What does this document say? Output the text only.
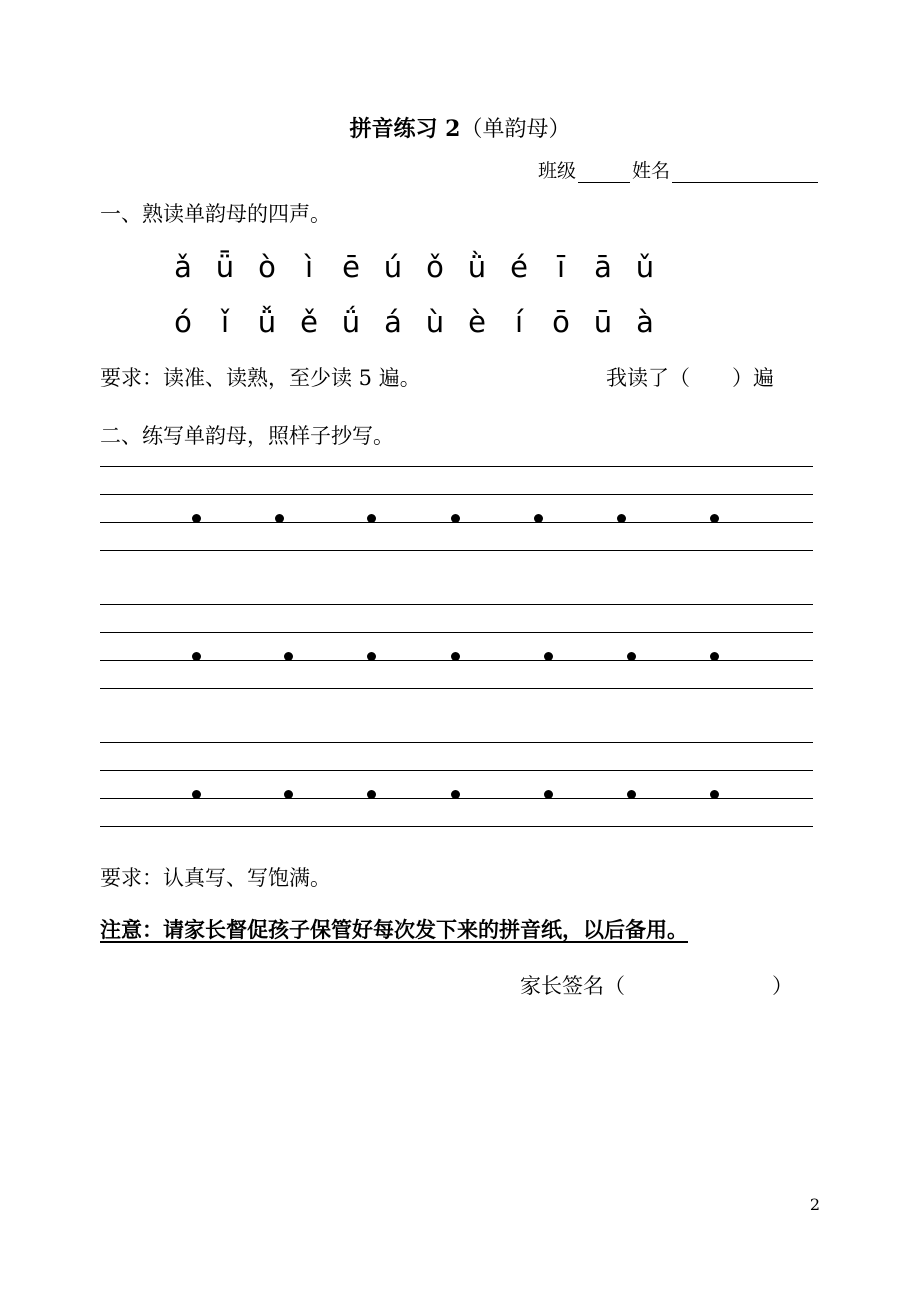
拼音练习 2（单韵母）
班级	姓名
一、熟读单韵母的四声。
ǎ ǖ ò	ì	ē ú ǒ ǜ é	ī	ā ǔ
ó	ǐ ǚ ě ǘ á ù è	í	ō ū à
要求：读准、读熟，至少读 5 遍。	我读了（　　）遍
二、练写单韵母，照样子抄写。
要求：认真写、写饱满。
注意：请家长督促孩子保管好每次发下来的拼音纸，以后备用。
家长签名（　　　　　　　）
2
